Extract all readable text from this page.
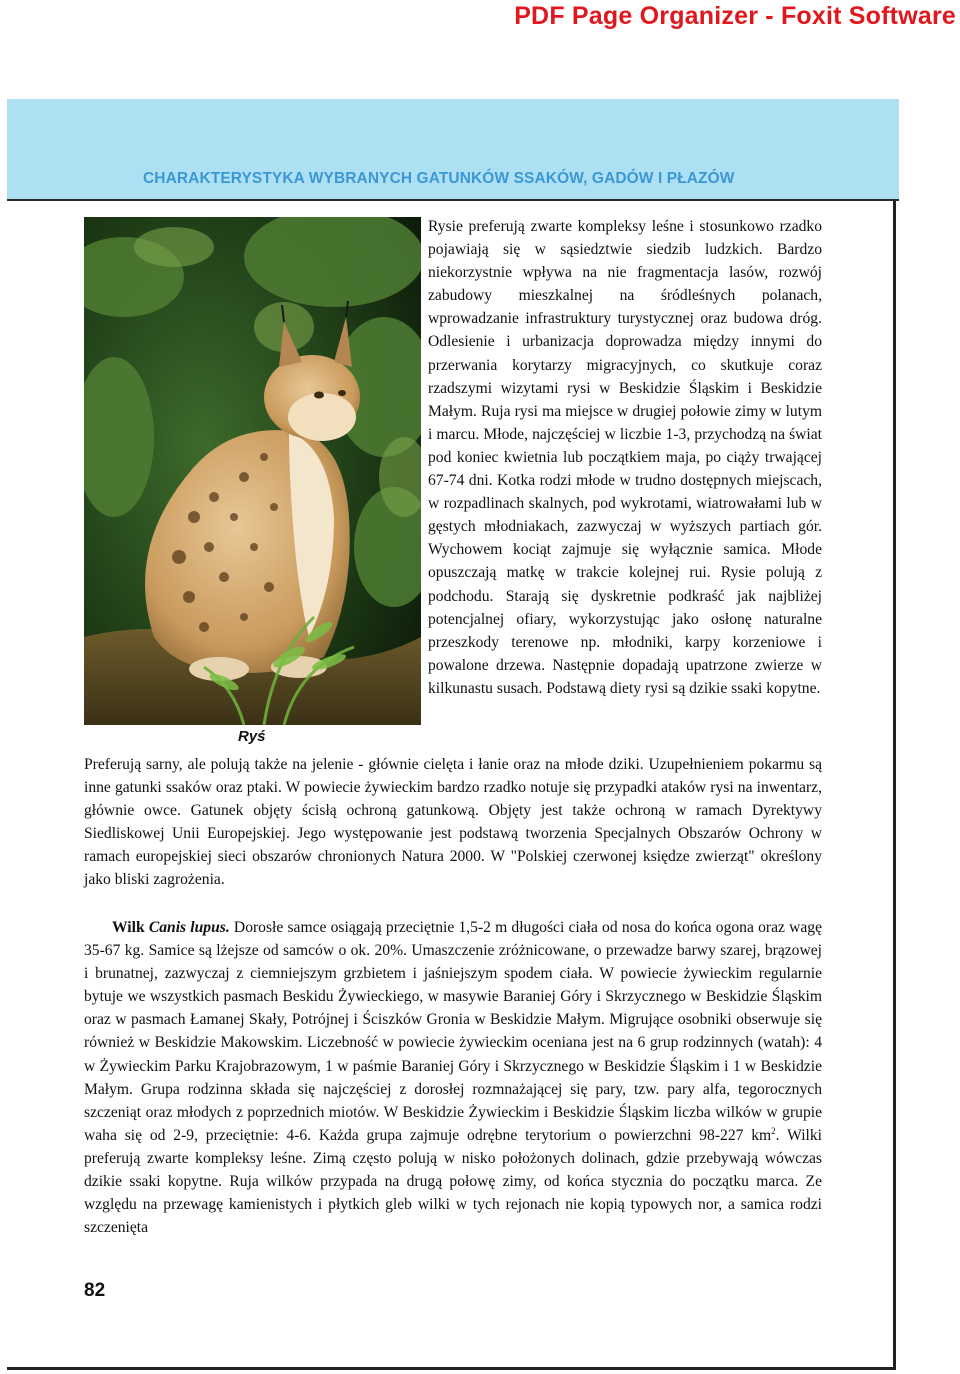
PDF Page Organizer - Foxit Software
CHARAKTERYSTYKA WYBRANYCH GATUNKÓW SSAKÓW, GADÓW I PŁAZÓW
Ryś
Rysie preferują zwarte kompleksy leśne i stosunkowo rzadko pojawiają się w sąsiedztwie siedzib ludzkich. Bardzo niekorzystnie wpływa na nie fragmentacja lasów, rozwój zabudowy mieszkalnej na śródleśnych polanach, wprowadzanie infrastruktury turystycznej oraz budowa dróg. Odlesienie i urbanizacja doprowadza między innymi do przerwania korytarzy migracyjnych, co skutkuje coraz rzadszymi wizytami rysi w Beskidzie Śląskim i Beskidzie Małym. Ruja rysi ma miejsce w drugiej połowie zimy w lutym i marcu. Młode, najczęściej w liczbie 1-3, przychodzą na świat pod koniec kwietnia lub początkiem maja, po ciąży trwającej 67-74 dni. Kotka rodzi młode w trudno dostępnych miejscach, w rozpadlinach skalnych, pod wykrotami, wiatrowałami lub w gęstych młodniakach, zazwyczaj w wyższych partiach gór. Wychowem kociąt zajmuje się wyłącznie samica. Młode opuszczają matkę w trakcie kolejnej rui. Rysie polują z podchodu. Starają się dyskretnie podkraść jak najbliżej potencjalnej ofiary, wykorzystując jako osłonę naturalne przeszkody terenowe np. młodniki, karpy korzeniowe i powalone drzewa. Następnie dopadają upatrzone zwierze w kilkunastu susach. Podstawą diety rysi są dzikie ssaki kopytne.
Preferują sarny, ale polują także na jelenie - głównie cielęta i łanie oraz na młode dziki. Uzupełnieniem pokarmu są inne gatunki ssaków oraz ptaki. W powiecie żywieckim bardzo rzadko notuje się przypadki ataków rysi na inwentarz, głównie owce. Gatunek objęty ścisłą ochroną gatunkową. Objęty jest także ochroną w ramach Dyrektywy Siedliskowej Unii Europejskiej. Jego występowanie jest podstawą tworzenia Specjalnych Obszarów Ochrony w ramach europejskiej sieci obszarów chronionych Natura 2000. W "Polskiej czerwonej księdze zwierząt" określony jako bliski zagrożenia.
Wilk Canis lupus. Dorosłe samce osiągają przeciętnie 1,5-2 m długości ciała od nosa do końca ogona oraz wagę 35-67 kg. Samice są lżejsze od samców o ok. 20%. Umaszczenie zróżnicowane, o przewadze barwy szarej, brązowej i brunatnej, zazwyczaj z ciemniejszym grzbietem i jaśniejszym spodem ciała. W powiecie żywieckim regularnie bytuje we wszystkich pasmach Beskidu Żywieckiego, w masywie Baraniej Góry i Skrzycznego w Beskidzie Śląskim oraz w pasmach Łamanej Skały, Potrójnej i Ściszków Gronia w Beskidzie Małym. Migrujące osobniki obserwuje się również w Beskidzie Makowskim. Liczebność w powiecie żywieckim oceniana jest na 6 grup rodzinnych (watah): 4 w Żywieckim Parku Krajobrazowym, 1 w paśmie Baraniej Góry i Skrzycznego w Beskidzie Śląskim i 1 w Beskidzie Małym. Grupa rodzinna składa się najczęściej z dorosłej rozmnażającej się pary, tzw. pary alfa, tegorocznych szczeniąt oraz młodych z poprzednich miotów. W Beskidzie Żywieckim i Beskidzie Śląskim liczba wilków w grupie waha się od 2-9, przeciętnie: 4-6. Każda grupa zajmuje odrębne terytorium o powierzchni 98-227 $km^2$. Wilki preferują zwarte kompleksy leśne. Zimą często polują w nisko położonych dolinach, gdzie przebywają wówczas dzikie ssaki kopytne. Ruja wilków przypada na drugą połowę zimy, od końca stycznia do początku marca. Ze względu na przewagę kamienistych i płytkich gleb wilki w tych rejonach nie kopią typowych nor, a samica rodzi szczenięta
82
